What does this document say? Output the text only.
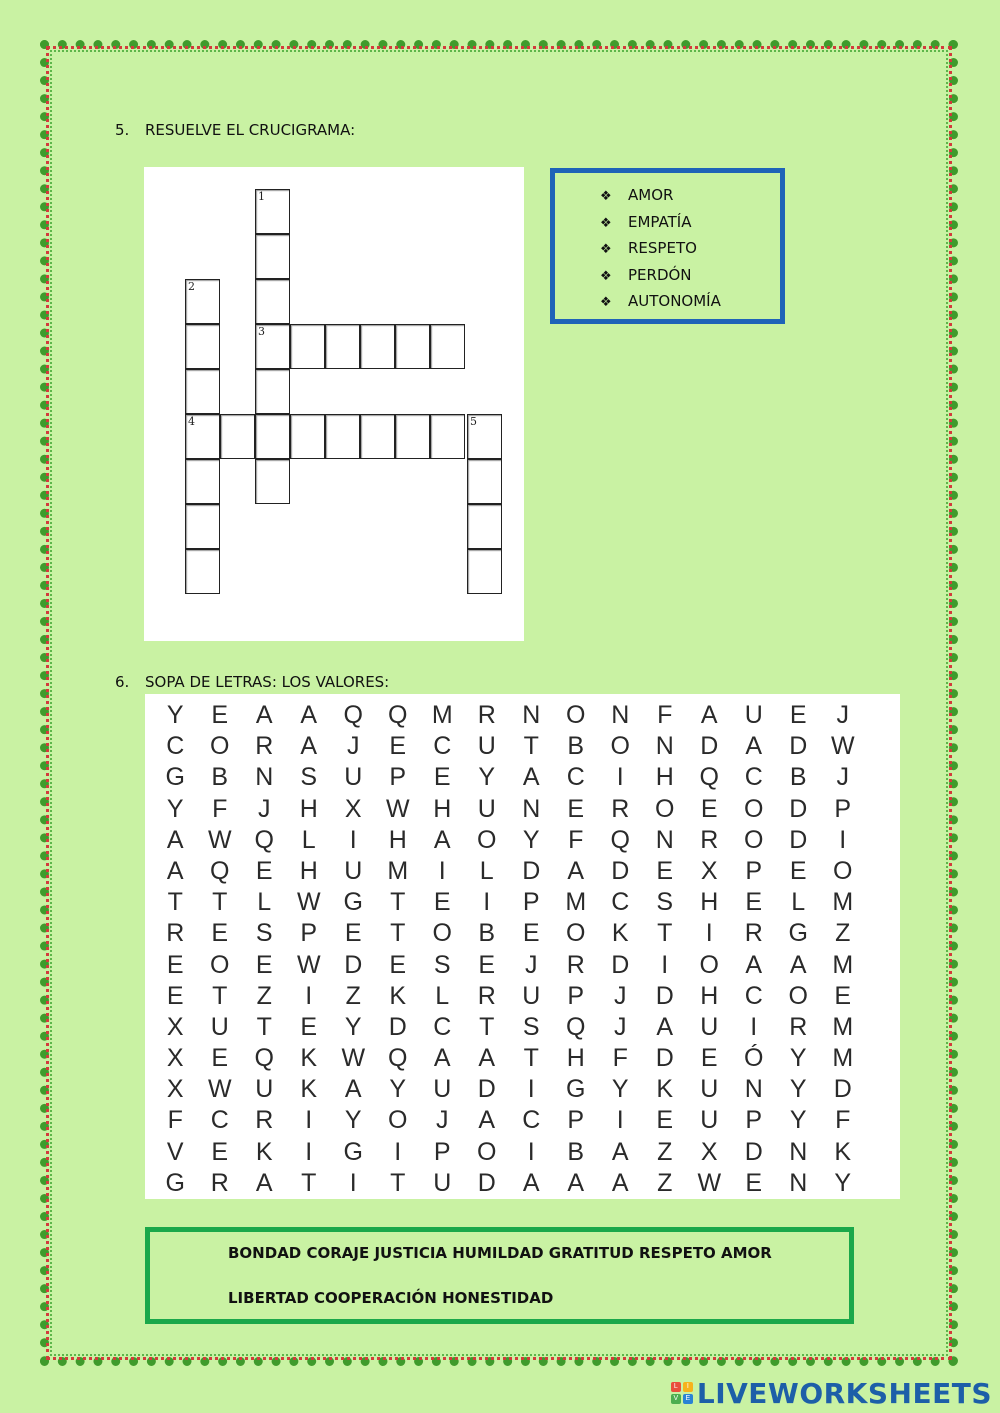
5. RESUELVE EL CRUCIGRAMA:
1
3
2
4	5
❖ AMOR
❖ EMPATÍA
❖ RESPETO
❖ PERDÓN
❖ AUTONOMÍA
6. SOPA DE LETRAS: LOS VALORES:
Y	E	A	A	Q	Q M	R	N	O	N	F	A	U	E	J
C	O	R	A	J	E	C	U	T	B	O	N	D	A	D W
G	B	N	S	U	P	E	Y	A	C	I	H	Q	C	B	J
Y	F	J	H	X W H	U	N	E	R	O	E	O	D	P
A W Q	L	I	H	A	O	Y	F	Q	N	R	O	D	I
A	Q	E	H	U	M	I	L	D	A	D	E	X	P	E	O
T	T	L	W G	T	E	I	P	M	C	S	H	E	L	M
R	E	S	P	E	T	O	B	E	O	K	T	I	R	G	Z
E	O	E W D	E	S	E	J	R	D	I	O	A	A	M
E	T	Z	I	Z	K	L	R	U	P	J	D	H	C	O	E
X	U	T	E	Y	D	C	T	S	Q	J	A	U	I	R	M
X	E	Q	K W Q	A	A	T	H	F	D	E	Ó	Y	M
X W U	K	A	Y	U	D	I	G	Y	K	U	N	Y	D
F	C	R	I	Y	O	J	A	C	P	I	E	U	P	Y	F
V	E	K	I	G	I	P	O	I	B	A	Z	X	D	N	K
G	R	A	T	I	T	U	D	A	A	A	Z	W E	N	Y

BONDAD CORAJE JUSTICIA HUMILDAD GRATITUD RESPETO AMOR

LIBERTAD COOPERACIÓN HONESTIDAD

L	I
V	E LIVEWORKSHEETS
